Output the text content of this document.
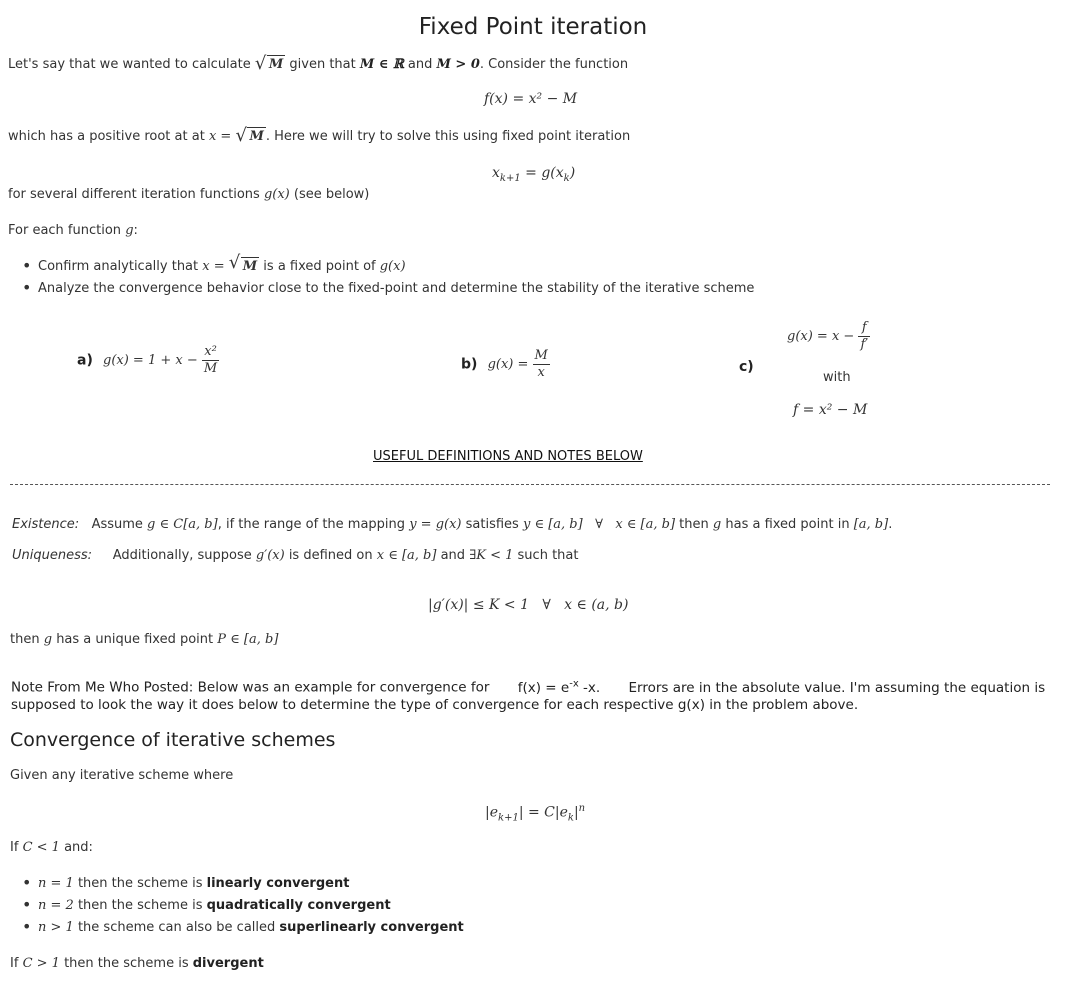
Fixed Point iteration
Let's say that we wanted to calculate √ M given that M ∈ ℝ and M > 0. Consider the function
f(x) = x² − M
which has a positive root at at x = √ M . Here we will try to solve this using fixed point iteration
$x_{k+1} = g(x_k)$
for several different iteration functions g(x) (see below)
For each function g:
• Confirm analytically that x = √ M is a fixed point of g(x)
• Analyze the convergence behavior close to the fixed-point and determine the stability of the iterative scheme
a) $g(x) = 1 + x - \frac{\text{x²}}{M}$	b) $g(x) = \frac{M}{x}$	c)
$g(x) = x - \frac{f}{f'}$
with
f = x² − M
USEFUL DEFINITIONS AND NOTES BELOW
Existence: Assume g ∈ C[a, b], if the range of the mapping y = g(x) satisfies y ∈ [a, b]   ∀   x ∈ [a, b] then g has a fixed point in [a, b].
Uniqueness: Additionally, suppose g′(x) is defined on x ∈ [a, b] and ∃K < 1 such that
|g′(x)| ≤ K < 1   ∀   x ∈ (a, b)
then g has a unique fixed point P ∈ [a, b]
Note From Me Who Posted: Below was an example for convergence for $f(x) = e^{-x}$ -x. Errors are in the absolute value. I'm assuming the equation is
supposed to look the way it does below to determine the type of convergence for each respective g(x) in the problem above.
Convergence of iterative schemes
Given any iterative scheme where
$|e_{k+1}| = C|e_k|^n$
If C < 1 and:
• n = 1 then the scheme is linearly convergent
• n = 2 then the scheme is quadratically convergent
• n > 1 the scheme can also be called superlinearly convergent
If C > 1 then the scheme is divergent
